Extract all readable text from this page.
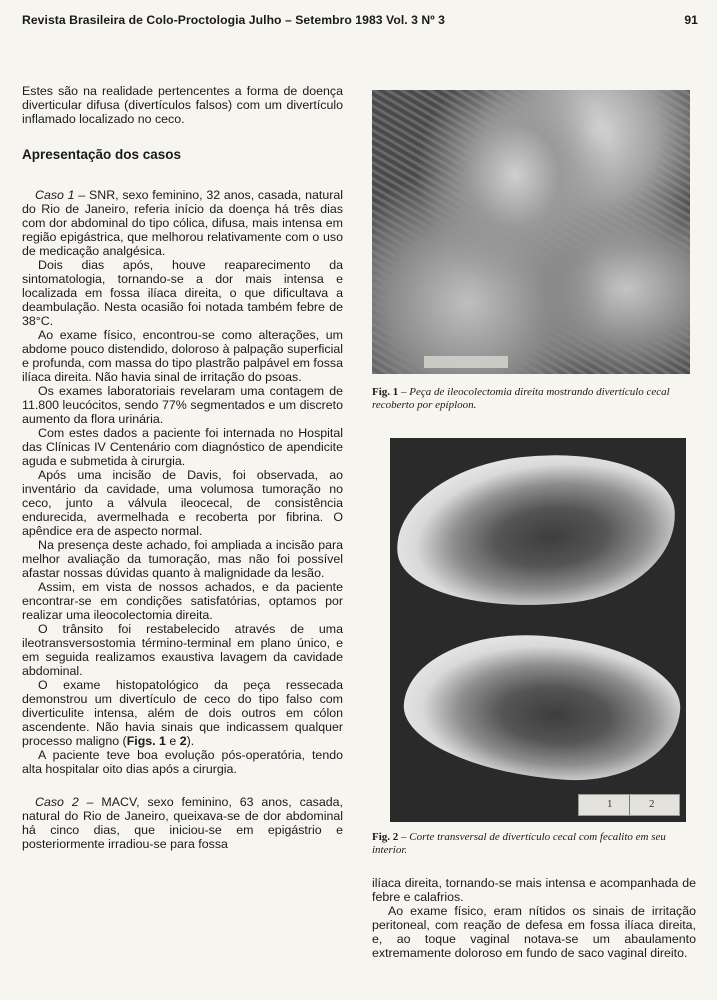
Revista Brasileira de Colo-Proctologia Julho – Setembro 1983 Vol. 3 Nº 3	91

Estes são na realidade pertencentes a forma de doença diverticular difusa (divertículos falsos) com um divertículo inflamado localizado no ceco.

Apresentação dos casos

Caso 1 – SNR, sexo feminino, 32 anos, casada, natural do Rio de Janeiro, referia início da doença há três dias com dor abdominal do tipo cólica, difusa, mais intensa em região epigástrica, que melhorou relativamente com o uso de medicação analgésica.

Dois dias após, houve reaparecimento da sintomatologia, tornando-se a dor mais intensa e localizada em fossa ilíaca direita, o que dificultava a deambulação. Nesta ocasião foi notada também febre de 38°C.

Ao exame físico, encontrou-se como alterações, um abdome pouco distendido, doloroso à palpação superficial e profunda, com massa do tipo plastrão palpável em fossa ilíaca direita. Não havia sinal de irritação do psoas.

Os exames laboratoriais revelaram uma contagem de 11.800 leucócitos, sendo 77% segmentados e um discreto aumento da flora urinária.

Com estes dados a paciente foi internada no Hospital das Clínicas IV Centenário com diagnóstico de apendicite aguda e submetida à cirurgia.

Após uma incisão de Davis, foi observada, ao inventário da cavidade, uma volumosa tumoração no ceco, junto a válvula ileocecal, de consistência endurecida, avermelhada e recoberta por fibrina. O apêndice era de aspecto normal.

Na presença deste achado, foi ampliada a incisão para melhor avaliação da tumoração, mas não foi possível afastar nossas dúvidas quanto à malignidade da lesão.

Assim, em vista de nossos achados, e da paciente encontrar-se em condições satisfatórias, optamos por realizar uma ileocolectomia direita.

O trânsito foi restabelecido através de uma ileotransversostomia término-terminal em plano único, e em seguida realizamos exaustiva lavagem da cavidade abdominal.

O exame histopatológico da peça ressecada demonstrou um divertículo de ceco do tipo falso com diverticulite intensa, além de dois outros em cólon ascendente. Não havia sinais que indicassem qualquer processo maligno (Figs. 1 e 2).

A paciente teve boa evolução pós-operatória, tendo alta hospitalar oito dias após a cirurgia.

Caso 2 – MACV, sexo feminino, 63 anos, casada, natural do Rio de Janeiro, queixava-se de dor abdominal há cinco dias, que iniciou-se em epigástrio e posteriormente irradiou-se para fossa

Fig. 1 – Peça de ileocolectomia direita mostrando divertículo cecal recoberto por epíploon.
1	2
Fig. 2 – Corte transversal de divertículo cecal com fecalito em seu interior.

ilíaca direita, tornando-se mais intensa e acompanhada de febre e calafrios.

Ao exame físico, eram nítidos os sinais de irritação peritoneal, com reação de defesa em fossa ilíaca direita, e, ao toque vaginal notava-se um abaulamento extremamente doloroso em fundo de saco vaginal direito.
